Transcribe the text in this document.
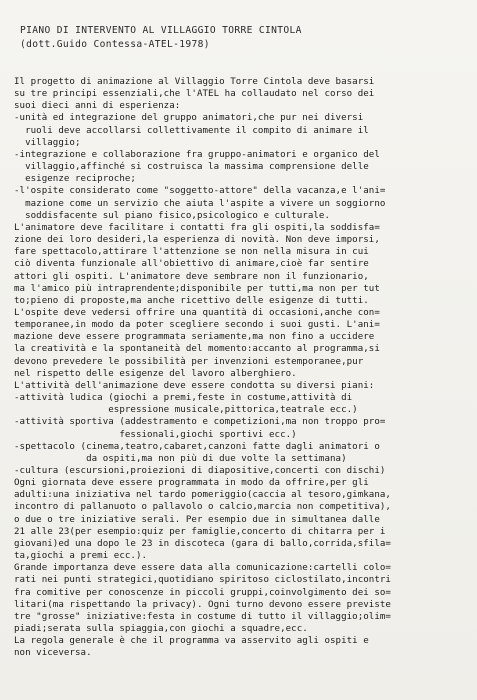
PIANO DI INTERVENTO AL VILLAGGIO TORRE CINTOLA
(dott.Guido Contessa-ATEL-1978)
Il progetto di animazione al Villaggio Torre Cintola deve basarsi
su tre principi essenziali,che l'ATEL ha collaudato nel corso dei
suoi dieci anni di esperienza:
-unità ed integrazione del gruppo animatori,che pur nei diversi
ruoli deve accollarsi collettivamente il compito di animare il
villaggio;
-integrazione e collaborazione fra gruppo-animatori e organico del
villaggio,affinché si costruisca la massima comprensione delle
esigenze reciproche;
-l'ospite considerato come "soggetto-attore" della vacanza,e l'ani=
mazione come un servizio che aiuta l'aspite a vivere un soggiorno
soddisfacente sul piano fisico,psicologico e culturale.
L'animatore deve facilitare i contatti fra gli ospiti,la soddisfa=
zione dei loro desideri,la esperienza di novità. Non deve imporsi,
fare spettacolo,attirare l'attenzione se non nella misura in cui
ciò diventa funzionale all'obiettivo di animare,cioè far sentire
attori gli ospiti. L'animatore deve sembrare non il funzionario,
ma l'amico più intraprendente;disponibile per tutti,ma non per tut
to;pieno di proposte,ma anche ricettivo delle esigenze di tutti.
L'ospite deve vedersi offrire una quantità di occasioni,anche con=
temporanee,in modo da poter scegliere secondo i suoi gusti. L'ani=
mazione deve essere programmata seriamente,ma non fino a uccidere
la creatività e la spontaneità del momento:accanto al programma,si
devono prevedere le possibilità per invenzioni estemporanee,pur
nel rispetto delle esigenze del lavoro alberghiero.
L'attività dell'animazione deve essere condotta su diversi piani:
-attività ludica (giochi a premi,feste in costume,attività di
espressione musicale,pittorica,teatrale ecc.)
-attività sportiva (addestramento e competizioni,ma non troppo pro=
fessionali,giochi sportivi ecc.)
-spettacolo (cinema,teatro,cabaret,canzoni fatte dagli animatori o
da ospiti,ma non più di due volte la settimana)
-cultura (escursioni,proiezioni di diapositive,concerti con dischi)
Ogni giornata deve essere programmata in modo da offrire,per gli
adulti:una iniziativa nel tardo pomeriggio(caccia al tesoro,gimkana,
incontro di pallanuoto o pallavolo o calcio,marcia non competitiva),
o due o tre iniziative serali. Per esempio due in simultanea dalle
21 alle 23(per esempio:quiz per famiglie,concerto di chitarra per i
giovani)ed una dopo le 23 in discoteca (gara di ballo,corrida,sfila=
ta,giochi a premi ecc.).
Grande importanza deve essere data alla comunicazione:cartelli colo=
rati nei punti strategici,quotidiano spiritoso ciclostilato,incontri
fra comitive per conoscenze in piccoli gruppi,coinvolgimento dei so=
litari(ma rispettando la privacy). Ogni turno devono essere previste
tre "grosse" iniziative:festa in costume di tutto il villaggio;olim=
piadi;serata sulla spiaggia,con giochi a squadre,ecc.
La regola generale è che il programma va asservito agli ospiti e
non viceversa.
